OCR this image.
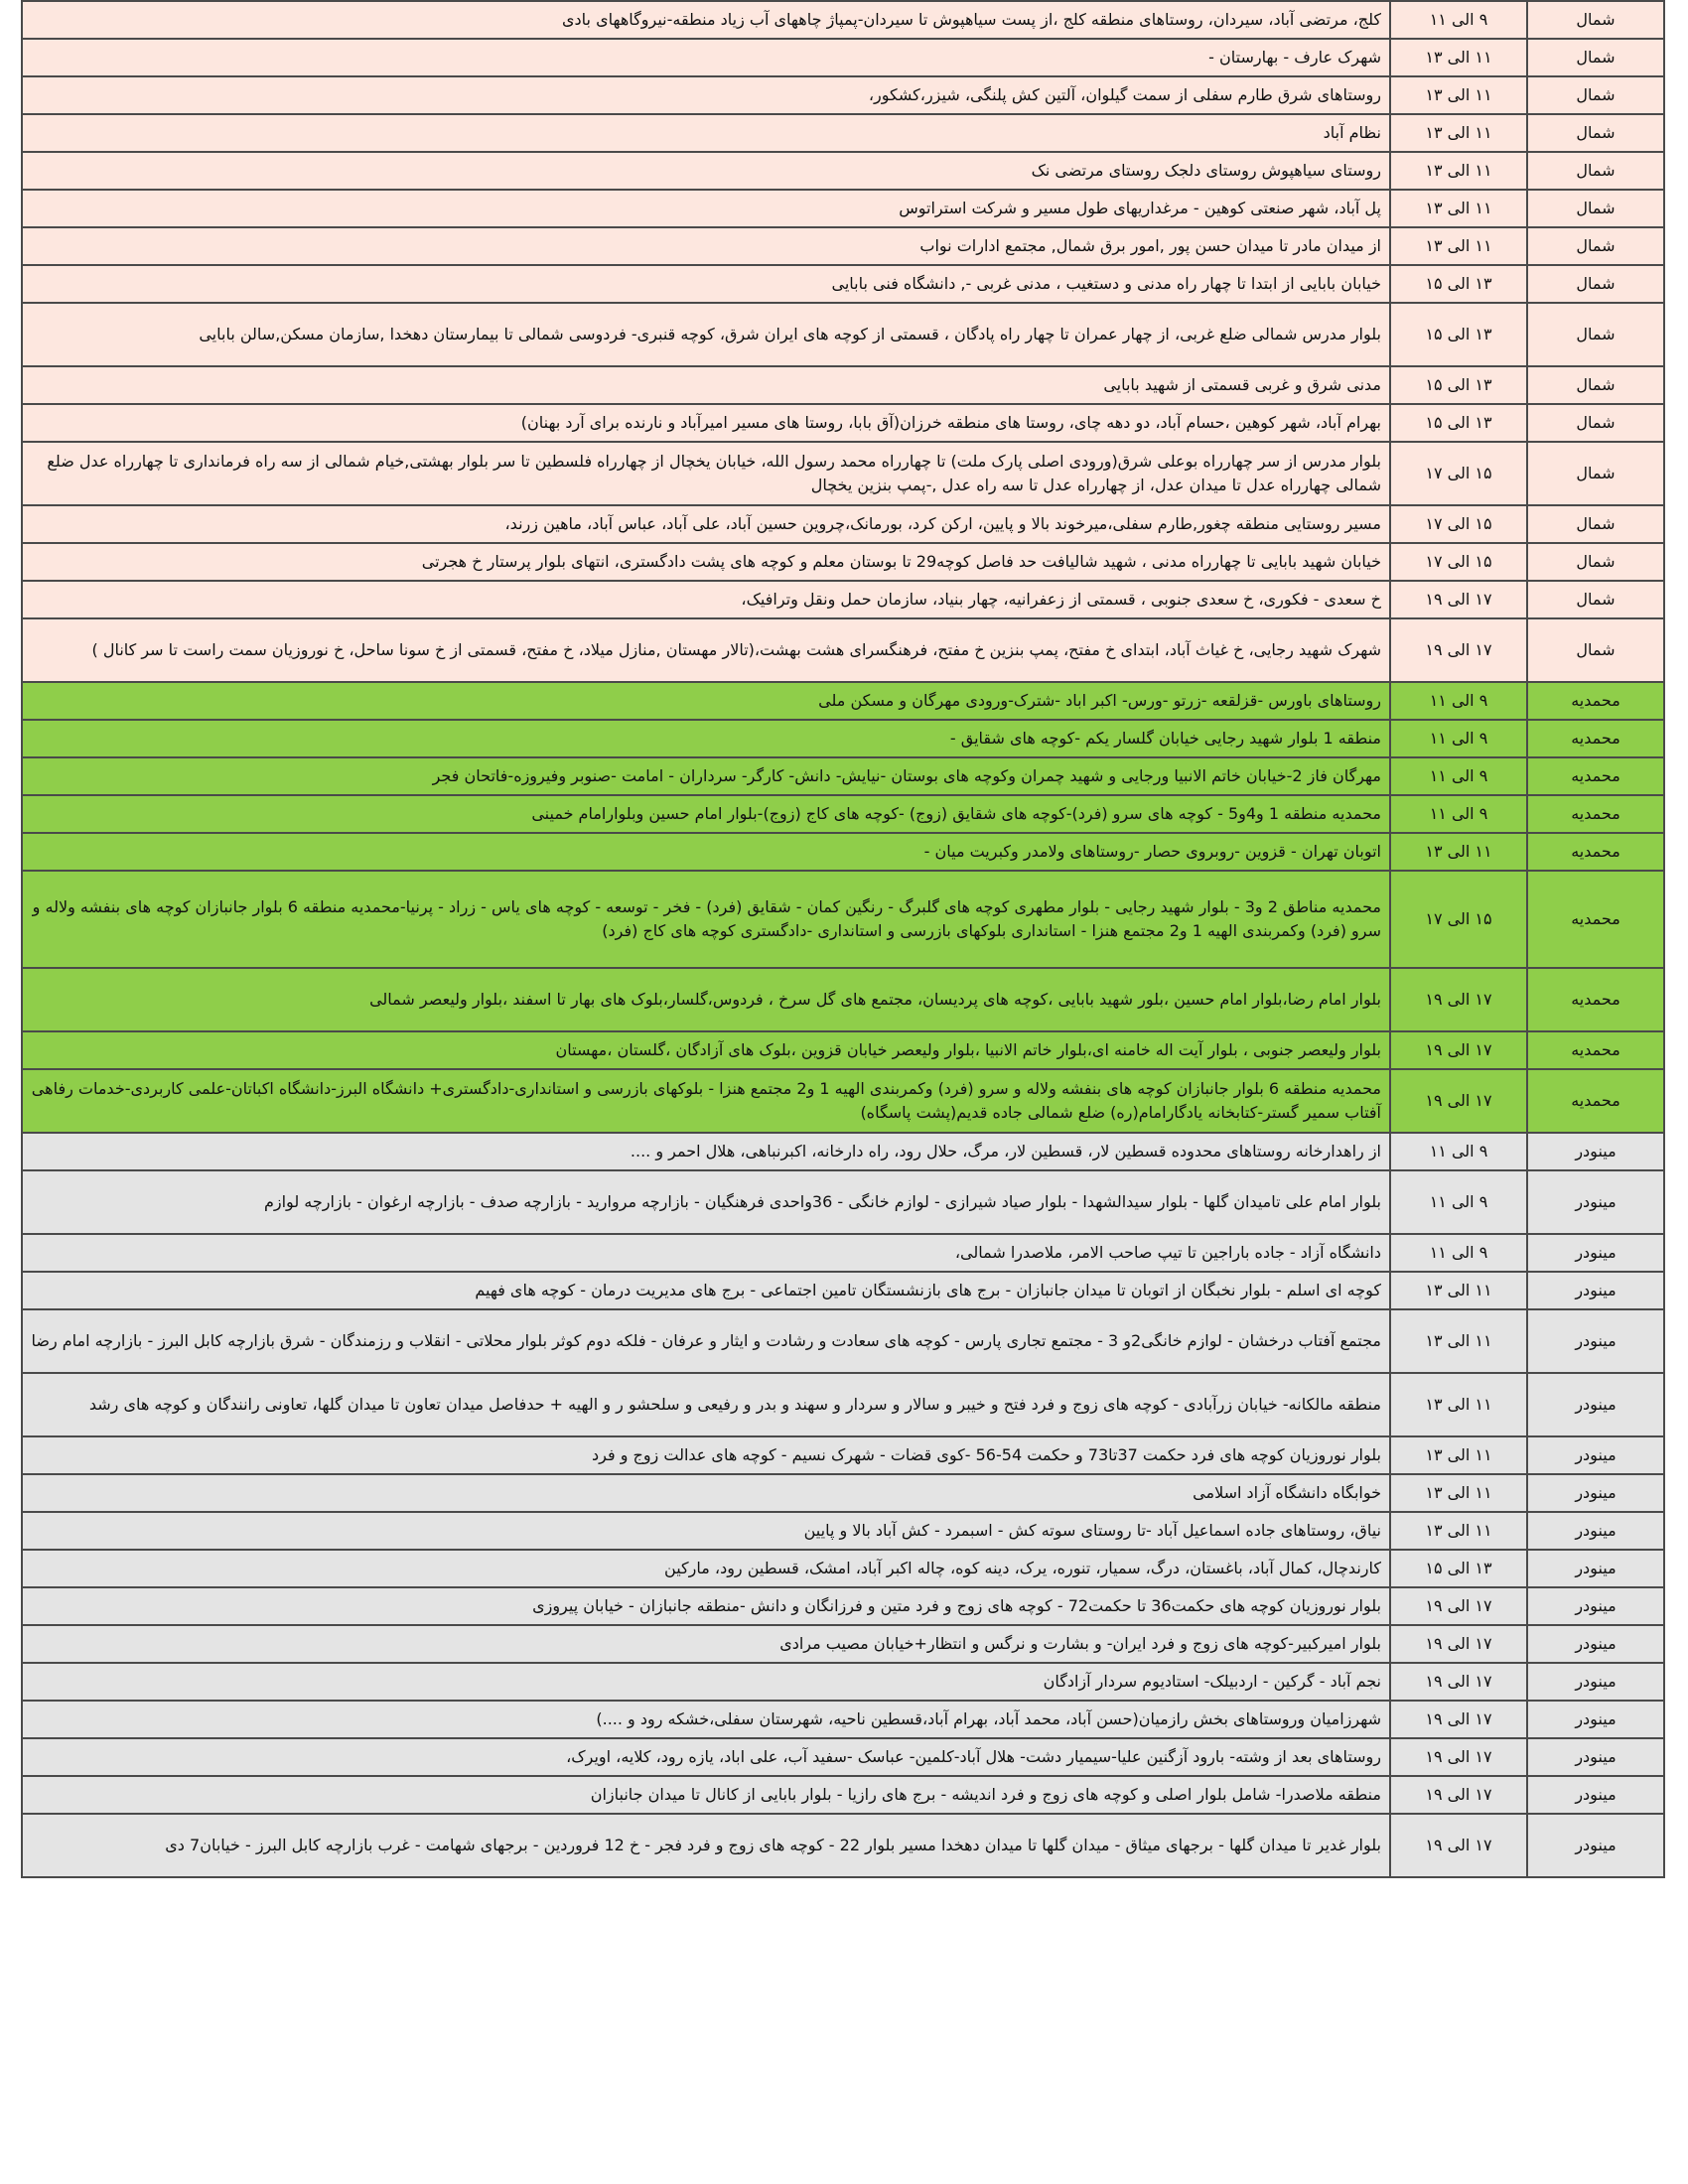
شمال	۹ الی ۱۱	کلج، مرتضی آباد، سیردان، روستاهای منطقه کلج ،از پست سیاهپوش تا سیردان-پمپاژ چاههای آب زیاد منطقه-نیروگاههای بادی
شمال	۱۱ الی ۱۳	شهرک عارف - بهارستان -
شمال	۱۱ الی ۱۳	روستاهای شرق طارم سفلی از سمت گیلوان، آلتین کش پلنگی، شیزر،کشکور،
شمال	۱۱ الی ۱۳	نظام آباد
شمال	۱۱ الی ۱۳	روستای سیاهپوش روستای دلجک روستای مرتضی نک
شمال	۱۱ الی ۱۳	پل آباد، شهر صنعتی کوهین - مرغداریهای طول مسیر و شرکت استراتوس
شمال	۱۱ الی ۱۳	از میدان مادر تا میدان حسن پور ,امور برق شمال, مجتمع ادارات نواب
شمال	۱۳ الی ۱۵	خیابان بابایی از ابتدا تا چهار راه مدنی و دستغیب ، مدنی غربی -, دانشگاه فنی بابایی
شمال	۱۳ الی ۱۵	بلوار مدرس شمالی ضلع غربی، از چهار عمران تا چهار راه پادگان ، قسمتی از کوچه های ایران شرق، کوچه قنبری- فردوسی شمالی تا بیمارستان دهخدا ,سازمان مسکن,سالن بابایی
شمال	۱۳ الی ۱۵	مدنی شرق و غربی قسمتی از شهید بابایی
شمال	۱۳ الی ۱۵	بهرام آباد، شهر کوهین ،حسام آباد، دو دهه چای، روستا های منطقه خرزان(آق بابا، روستا های مسیر امیرآباد و نارنده برای آرد بهنان)
شمال	۱۵ الی ۱۷	بلوار مدرس از سر چهارراه بوعلی شرق(ورودی اصلی پارک ملت) تا چهارراه محمد رسول الله، خیابان یخچال از چهارراه فلسطین تا سر بلوار بهشتی,خیام شمالی از سه راه فرمانداری تا چهارراه عدل ضلع شمالی چهارراه عدل تا میدان عدل، از چهارراه عدل تا سه راه عدل ,-پمپ بنزین یخچال
شمال	۱۵ الی ۱۷	مسیر روستایی منطقه چغور,طارم سفلی،میرخوند بالا و پایین، ارکن کرد، بورمانک،چروین حسین آباد، علی آباد، عباس آباد، ماهین زرند،
شمال	۱۵ الی ۱۷	خیابان شهید بابایی تا چهارراه مدنی ، شهید شالیافت حد فاصل کوچه29 تا بوستان معلم و کوچه های پشت دادگستری، انتهای بلوار پرستار خ هجرتی
شمال	۱۷ الی ۱۹	خ سعدی - فکوری، خ سعدی جنوبی ، قسمتی از زعفرانیه، چهار بنیاد، سازمان حمل ونقل وترافیک،
شمال	۱۷ الی ۱۹	شهرک شهید رجایی، خ غیاث آباد، ابتدای خ مفتح، پمپ بنزین خ مفتح، فرهنگسرای هشت بهشت،(تالار مهستان ,منازل میلاد، خ مفتح، قسمتی از خ سونا ساحل، خ نوروزیان سمت راست تا سر کانال )
محمدیه	۹ الی ۱۱	روستاهای باورس -قزلقعه -زرتو -ورس- اکبر اباد -شترک-ورودی مهرگان و مسکن ملی
محمدیه	۹ الی ۱۱	منطقه 1 بلوار شهید رجایی خیابان گلسار یکم -کوچه های شقایق -
محمدیه	۹ الی ۱۱	مهرگان فاز 2-خیابان خاتم الانبیا ورجایی و شهید چمران وکوچه های بوستان -نیایش- دانش- کارگر- سرداران - امامت -صنوبر وفیروزه-فاتحان فجر
محمدیه	۹ الی ۱۱	محمدیه منطقه 1 و4و5 - کوچه های سرو (فرد)-کوچه های شقایق (زوج) -کوچه های کاج (زوج)-بلوار امام حسین وبلوارامام خمینی
محمدیه	۱۱ الی ۱۳	اتوبان تهران - قزوین -روبروی حصار -روستاهای ولامدر وکبریت میان -
محمدیه	۱۵ الی ۱۷	محمدیه مناطق 2 و3 - بلوار شهید رجایی - بلوار مطهری کوچه های گلبرگ - رنگین کمان - شقایق (فرد) - فخر - توسعه - کوچه های یاس - زراد - پرنیا-محمدیه منطقه 6 بلوار جانبازان کوچه های بنفشه ولاله و سرو (فرد) وکمربندی الهیه 1 و2 مجتمع هنزا - استانداری بلوکهای بازرسی و استانداری -دادگستری کوچه های کاج (فرد)
محمدیه	۱۷ الی ۱۹	بلوار امام رضا،بلوار امام حسین ،بلور شهید بابایی ،کوچه های پردیسان، مجتمع های گل سرخ ، فردوس،گلسار،بلوک های بهار تا اسفند ،بلوار ولیعصر شمالی
محمدیه	۱۷ الی ۱۹	بلوار ولیعصر جنوبی ، بلوار آیت اله خامنه ای،بلوار خاتم الانبیا ،بلوار ولیعصر خیابان قزوین ،بلوک های آزادگان ،گلستان ،مهستان
محمدیه	۱۷ الی ۱۹	محمدیه منطقه 6 بلوار جانبازان کوچه های بنفشه ولاله و سرو (فرد) وکمربندی الهیه 1 و2 مجتمع هنزا - بلوکهای بازرسی و استانداری-دادگستری+ دانشگاه البرز-دانشگاه اکباتان-علمی کاربردی-خدمات رفاهی آفتاب سمیر گستر-کتابخانه یادگارامام(ره) ضلع شمالی جاده قدیم(پشت پاسگاه)
مینودر	۹ الی ۱۱	از راهدارخانه روستاهای محدوده قسطین لار، قسطین لار، مرگ، حلال رود، راه دارخانه، اکبرنباهی، هلال احمر و ....
مینودر	۹ الی ۱۱	بلوار امام علی تامیدان گلها - بلوار سیدالشهدا - بلوار صیاد شیرازی - لوازم خانگی - 36واحدی فرهنگیان - بازارچه مروارید - بازارچه صدف - بازارچه ارغوان - بازارچه لوازم
مینودر	۹ الی ۱۱	دانشگاه آزاد - جاده باراجین تا تیپ صاحب الامر، ملاصدرا شمالی،
مینودر	۱۱ الی ۱۳	کوچه ای اسلم - بلوار نخبگان از اتوبان تا میدان جانبازان - برج های بازنشستگان تامین اجتماعی - برج های مدیریت درمان - کوچه های فهیم
مینودر	۱۱ الی ۱۳	مجتمع آفتاب درخشان - لوازم خانگی2و 3 - مجتمع تجاری پارس - کوچه های سعادت و رشادت و ایثار و عرفان - فلکه دوم کوثر بلوار محلاتی - انقلاب و رزمندگان - شرق بازارچه کابل البرز - بازارچه امام رضا
مینودر	۱۱ الی ۱۳	منطقه مالکانه- خیابان زرآبادی - کوچه های زوج و فرد فتح و خیبر و سالار و سردار و سهند و بدر و رفیعی و سلحشو ر و الهیه + حدفاصل میدان تعاون تا میدان گلها، تعاونی رانندگان و کوچه های رشد
مینودر	۱۱ الی ۱۳	بلوار نوروزیان کوچه های فرد حکمت 37تا73 و حکمت 54-56 -کوی قضات - شهرک نسیم - کوچه های عدالت زوج و فرد
مینودر	۱۱ الی ۱۳	خوابگاه دانشگاه آزاد اسلامی
مینودر	۱۱ الی ۱۳	نیاق، روستاهای جاده اسماعیل آباد -تا روستای سوته کش - اسبمرد - کش آباد بالا و پایین
مینودر	۱۳ الی ۱۵	کارندچال، کمال آباد، باغستان، درگ، سمیار، تنوره، یرک، دینه کوه، چاله اکبر آباد، امشک، قسطین رود، مارکین
مینودر	۱۷ الی ۱۹	بلوار نوروزیان کوچه های حکمت36 تا حکمت72 - کوچه های زوج و فرد متین و فرزانگان و دانش -منطقه جانبازان - خیابان پیروزی
مینودر	۱۷ الی ۱۹	بلوار امیرکبیر-کوچه های زوج و فرد ایران- و بشارت و نرگس و انتظار+خیابان مصیب مرادی
مینودر	۱۷ الی ۱۹	نجم آباد - گرکین - اردبیلک- استادیوم سردار آزادگان
مینودر	۱۷ الی ۱۹	شهرزامیان وروستاهای بخش رازمیان(حسن آباد، محمد آباد، بهرام آباد،قسطین ناحیه، شهرستان سفلی،خشکه رود و ....)
مینودر	۱۷ الی ۱۹	روستاهای بعد از وشته- بارود آزگنین علیا-سیمیار دشت- هلال آباد-کلمین- عباسک -سفید آب، علی اباد، یازه رود، کلایه، اویرک،
مینودر	۱۷ الی ۱۹	منطقه ملاصدرا- شامل بلوار اصلی و کوچه های زوج و فرد اندیشه - برج های رازیا - بلوار بابایی از کانال تا میدان جانبازان
مینودر	۱۷ الی ۱۹	بلوار غدیر تا میدان گلها - برجهای میثاق - میدان گلها تا میدان دهخدا مسیر بلوار 22 - کوچه های زوج و فرد فجر - خ 12 فروردین - برجهای شهامت - غرب بازارچه کابل البرز - خیابان7 دی
